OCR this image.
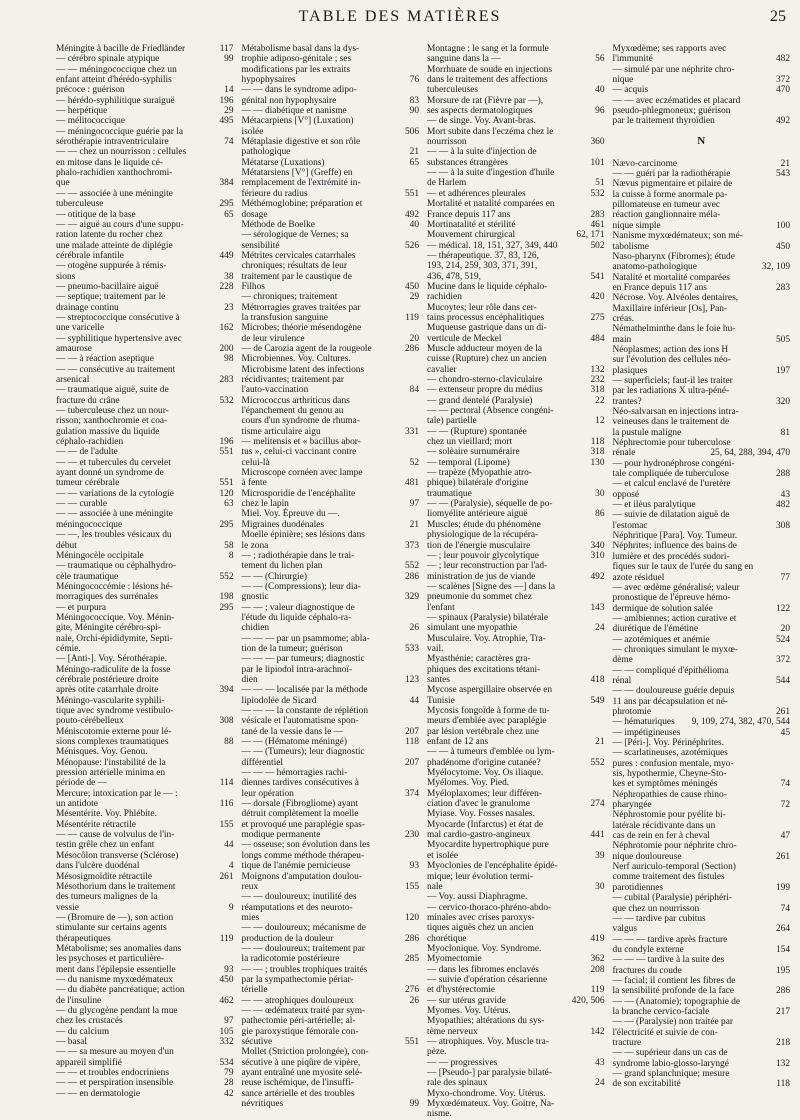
TABLE DES MATIÈRES	25
Méningite à bacille de Friedländer	117
— cérébro spinale atypique	99
— — méningococcique chez un
enfant atteint d'hérédo-syphilis
précoce : guérison	14
— hérédo-syphilitique suraiguë	196
— herpétique	29
— mélitococcique	495
— méningococcique guérie par la
sérothérapie intraventriculaire	74
— — chez un nourrisson : cellules
en mitose dans le liquide cé-
phalo-rachidien xanthochromi-
que	384
— — associée à une méningite
tuberculeuse	295
— otitique de la base	65
— — aiguë au cours d'une suppu-
ration latente du rocher chez
une malade atteinte de diplégie
cérébrale infantile	449
— otogène suppurée à rémis-
sions	38
— pneumo-bacillaire aiguë	228
— septique; traitement par le
drainage continu	23
— streptococcique consécutive à
une varicelle	162
— syphilitique hypertensive avec
amaurose	200
— — à réaction aseptique	98
— — consécutive au traitement
arsenical	283
— traumatique aiguë, suite de
fracture du crâne	532
— tuberculeuse chez un nour-
risson; xanthochromie et coa-
gulation massive du liquide
céphalo-rachidien	196
— — de l'adulte	551
— — et tubercules du cervelet
ayant donné un syndrome de
tumeur cérébrale	551
— — variations de la cytologie	120
— — curable	63
— — associée à une méningite
méningococcique	295
— —, les troubles vésicaux du
début	58
Méningocèle occipitale	8
— traumatique ou céphalhydro-
cèle traumatique	552
Méningococcémie : lésions hé-
morragiques des surrénales	198
— et purpura	295
Méningococcique. Voy. Ménin-
gite, Méningite cérébro-spi-
nale, Orchi-épididymite, Septi-
cémie.
— [Anti-]. Voy. Sérothérapie.
Méningo-radiculite de la fosse
cérébrale postérieure droite
après otite catarrhale droite	394
Méningo-vascularite syphili-
tique avec syndrome vestibulo-
pouto-cérébelleux	308
Méniscotomie externe pour lé-
sions complexes traumatiques	88
Ménisques. Voy. Genou.
Ménopause: l'instabilité de la
pression artérielle minima en
période de —	114
Mercure; intoxication par le — :
un antidote	116
Mésentérite. Voy. Phlébite.
Mésentérite rétractile	155
— — cause de volvulus de l'in-
testin grêle chez un enfant	44
Mésocôlon transverse (Sclérose)
dans l'ulcère duodénal	4
Mésosigmoïdite rétractile	261
Mésothorium dans le traitement
des tumeurs malignes de la
vessie	9
— (Bromure de —), son action
stimulante sur certains agents
thérapeutiques	119
Métabolisme; ses anomalies dans
les psychoses et particulière-
ment dans l'épilepsie essentielle	93
— du nanisme myxœdémateux	450
— du diabète pancréatique; action
de l'insuline	462
— du glycogène pendant la mue
chez les crustacés	97
— du calcium	105
— basal	332
— — sa mesure au moyen d'un
appareil simplifié	534
— — et troubles endocriniens	79
— — et perspiration insensible	28
— — en dermatologie	42
Métabolisme basal dans la dys-
trophie adiposo-génitale ; ses
modifications par les extraits
hypophysaires	76
— — dans le syndrome adipo-
génital non hypophysaire	83
— — diabétique et nanisme	90
Métacarpiens [V°] (Luxation)
isolée	506
Métaplasie digestive et son rôle
pathologique	21
Métatarse (Luxations)	65
Métatarsiens [V°] (Greffe) en
remplacement de l'extrémité in-
férieure du radius	551
Méthémoglobine; préparation et
dosage	492
Méthode de Boelke	40
— sérologique de Vernes; sa
sensibilité	526
Métrites cervicales catarrhales
chroniques; résultats de leur
traitement par le caustique de
Filhos	450
— chroniques; traitement	29
Métrorragies graves traitées par
la transfusion sanguine	119
Microbes; théorie mésendogène
de leur virulence	20
— de Carozia agent de la rougeole	286
Microbiennes. Voy. Cultures.
Microbisme latent des infections
récidivantes; traitement par
l'auto-vaccination	84
Micrococcus arthriticus dans
l'épanchement du genou au
cours d'un syndrome de rhuma-
tisme articulaire aigu	331
— melitensis et « bacillus abor-
tus », celui-ci vaccinant contre
celui-là	52
Microscope cornéen avec lampe
à fente	481
Microsporidie de l'encéphalite
chez le lapin	97
Miel. Voy. Épreuve du —.
Migraines duodénales	21
Moelle épinière; ses lésions dans
le zona	373
— ; radiothérapie dans le trai-
tement du lichen plan	552
— — (Chirurgie)	286
— — (Compressions); leur dia-
gnostic	329
— — ; valeur diagnostique de
l'étude du liquide céphalo-ra-
chidien	26
— — — par un psammome; abla-
tion de la tumeur; guérison	533
— — — par tumeurs; diagnostic
par le lipiodol intra-arachnoï-
dien	123
— — — localisée par la méthode
lipiodolée de Sicard	44
— — — la constante de réplétion
vésicale et l'automatisme spon-
tané de la vessie dans le —	207
— — (Hématome méningé)	118
— — (Tumeurs); leur diagnostic
différentiel	207
— — — hémorragies rachi-
diennes tardives consécutives à
leur opération	374
— dorsale (Fibrogliome) ayant
détruit complètement la moelle
et provoqué une paraplégie spas-
modique permanente	230
— osseuse; son évolution dans les
longs comme méthode thérapeu-
tique de l'anémie pernicieuse	93
Moignons d'amputation doulou-
reux	155
— — douloureux; inutilité des
réamputations et des neuroto-
mies	120
— — douloureux; mécanisme de
production de la douleur	286
— — douloureux; traitement par
la radicotomie postérieure	285
— — ; troubles trophiques traités
par la sympathectomie périar-
térielle	276
— — atrophiques douloureux	26
— — œdémateux traité par sym-
pathectomie péri-artérielle; al-
gie paroxystique fémorale con-
sécutive	551
Mollet (Striction prolongée), con-
sécutive à une piqûre de vipère,
ayant entraîné une myosite selé-
reuse ischémique, de l'insuffi-
sance artérielle et des troubles
névritiques	99
Montagne ; le sang et la formule
sanguine dans la —	56
Morrhuate de soude en injections
dans le traitement des affections
tuberculeuses	40
Morsure de rat (Fièvre par —),
ses aspects dermatologiques	96
— de singe. Voy. Avant-bras.
Mort subite dans l'eczéma chez le
nourrisson	360
— — à la suite d'injection de
substances étrangères	101
— — à la suite d'ingestion d'huile
de Harlem	51
— et adhérences pleurales	532
Mortalité et natalité comparées en
France depuis 117 ans	283
Mortinatalité et stérilité	461
Mouvement chirurgical	62, 171
— médical. 18, 151, 327, 349, 440	502
— thérapeutique. 37, 83, 126,
193, 214, 259, 303, 371, 391,
436, 478, 519,	541
Mucine dans le liquide céphalo-
rachidien	420
Mucoytes; leur rôle dans cer-
tains processus encéphalitiques	275
Muqueuse gastrique dans un di-
verticule de Meckel	484
Muscle adducteur moyen de la
cuisse (Rupture) chez un ancien
cavalier	132
— chondro-sterno-claviculaire	232
— extenseur propre du médius	318
— grand dentelé (Paralysie)	22
— — pectoral (Absence congéni-
tale) partielle	12
— — (Rupture) spontanée
chez un vieillard; mort	118
— solèaire surnuméraire	318
— temporal (Lipome)	130
— trapèze (Myopathie atro-
phique) bilatérale d'origine
traumatique	30
— — (Paralysie), séquelle de po-
liomyélite antérieure aiguë	86
Muscles; étude du phénomène
physiologique de la récupéra-
tion de l'énergie musculaire	340
— ; leur pouvoir glycolytique	310
— ; leur reconstruction par l'ad-
ministration de jus de viande	492
— scalènes [Signe des —] dans la
pneumonie du sommet chez
l'enfant	143
— spinaux (Paralysie) bilatérale
simulant une myopathie	24
Musculaire. Voy. Atrophie, Tra-
vail.
Myasthénie; caractères gra-
phiques des excitations tétani-
santes	418
Mycose aspergillaire observée en
Tunisie	549
Mycosis fongoïde à forme de tu-
meurs d'emblée avec paraplégie
par lésion vertébrale chez une
enfant de 12 ans	21
— — à tumeurs d'emblée ou lym-
phadénome d'origine cutanée?	552
Myélocytome. Voy. Os iliaque.
Myélomes. Voy. Pied.
Myéloplaxomes; leur différen-
ciation d'avec le granulome	274
Myiase. Voy. Fosses nasales.
Myocarde (Infarctus) et état de
mal cardio-gastro-angineux	441
Myocardite hypertrophique pure
et isolée	39
Myoclonies de l'encéphalite épidé-
mique; leur évolution termi-
nale	30
— Voy. aussi Diaphragme.
— cervico-thoraco-phréno-abdo-
minales avec crises paroxys-
tiques aiguës chez un ancien
chorétique	419
Myoclonique. Voy. Syndrome.
Myomectomie	362
— dans les fibromes enclavés	208
— suivie d'opération césarienne
et d'hystérectomie	119
— sur utérus gravide	420, 506
Myomes. Voy. Utérus.
Myopathies; altérations du sys-
tème nerveux	142
— atrophiques. Voy. Muscle tra-
pèze.
— — progressives	43
— [Pseudo-] par paralysie bilaté-
rale des spinaux	24
Myxo-chondrome. Voy. Utérus.
Myxœdémateux. Voy. Goitre, Na-
nisme.
Myxœdème; ses rapports avec
l'immunité	482
— simulé par une néphrite chro-
nique	372
— acquis	470
— — avec eczématides et placard
pseudo-phlegmoneux; guérison
par le traitement thyroïdien	492
N
Nævo-carcinome	21
— — guéri par la radiothérapie	543
Nævus pigmentaire et pilaire de
la cuisse à forme anormale pa-
pillomateuse en tumeur avec
réaction ganglionnaire méla-
nique simple	100
Nanisme myxœdémateux; son mé-
tabolisme	450
Naso-pharynx (Fibromes); étude
anatomo-pathologique	32, 109
Natalité et mortalité comparées
en France depuis 117 ans	283
Nécrose. Voy. Alvéoles dentaires,
Maxillaire inférieur [Os], Pan-
créas.
Némathelminthe dans le foie hu-
main	505
Néoplasmes; action des ions H
sur l'évolution des cellules néo-
plasiques	197
— superficiels; faut-il les traiter
par les radiations X ultra-péné-
trantes?	320
Néo-salvarsan en injections intra-
veineuses dans le traitement de
la pustule maligne	81
Néphrectomie pour tuberculose
rénale	25, 64, 288, 394, 470
— pour hydronéphrose congéni-
tale compliquée de tuberculose	288
— et calcul enclavé de l'uretère
opposé	43
— et ilèus paralytique	482
— suivie de dilatation aiguë de
l'estomac	308
Néphritique [Para]. Voy. Tumeur.
Néphrites; influence des bains de
lumière et des procédés sudori-
fiques sur le taux de l'urée du sang en
azote résiduel	77
— avec œdème généralisé; valeur
pronostique de l'épreuve hémo-
dermique de solution salée	122
— amibiennes; action curative et
diurétique de l'émétine	20
— azotémiques et anémie	524
— chroniques simulant le myxœ-
dème	372
— — compliqué d'épithélioma
rénal	544
— — douloureuse guérie depuis
11 ans par décapsulation et né-
phrotomie	261
— hématuriques	9, 109, 274, 382, 470, 544
— impétigineuses	45
— [Péri-]. Voy. Périnéphrites.
— scarlatineuses, azotémiques
pures : confusion mentale, myo-
sis, hypothermie, Cheyne-Sto-
kes et symptômes méningés	74
Néphropathies de cause rhino-
pharyngée	72
Néphrostomie pour pyélite bi-
latérale récidivante dans un
cas de rein en fer à cheval	47
Néphrotomie pour néphrite chro-
nique douloureuse	261
Nerf auriculo-temporal (Section)
comme traitement des fistules
parotidiennes	199
— cubital (Paralysie) périphéri-
que chez un nourrisson	74
— — tardive par cubitus
valgus	264
— — — tardive après fracture
du condyle externe	154
— — — tardive à la suite des
fractures du coude	195
— facial; il contient les fibres de
la sensibilité profonde de la face	286
— — (Anatomie); topographie de
la branche cervico-faciale	217
— — (Paralysie) non traitée par
l'électricité et suivie de con-
tracture	218
— — supérieur dans un cas de
syndrome labio-glosso-laryngé	132
— grand splanchnique; mesure
de son excitabilité	118
